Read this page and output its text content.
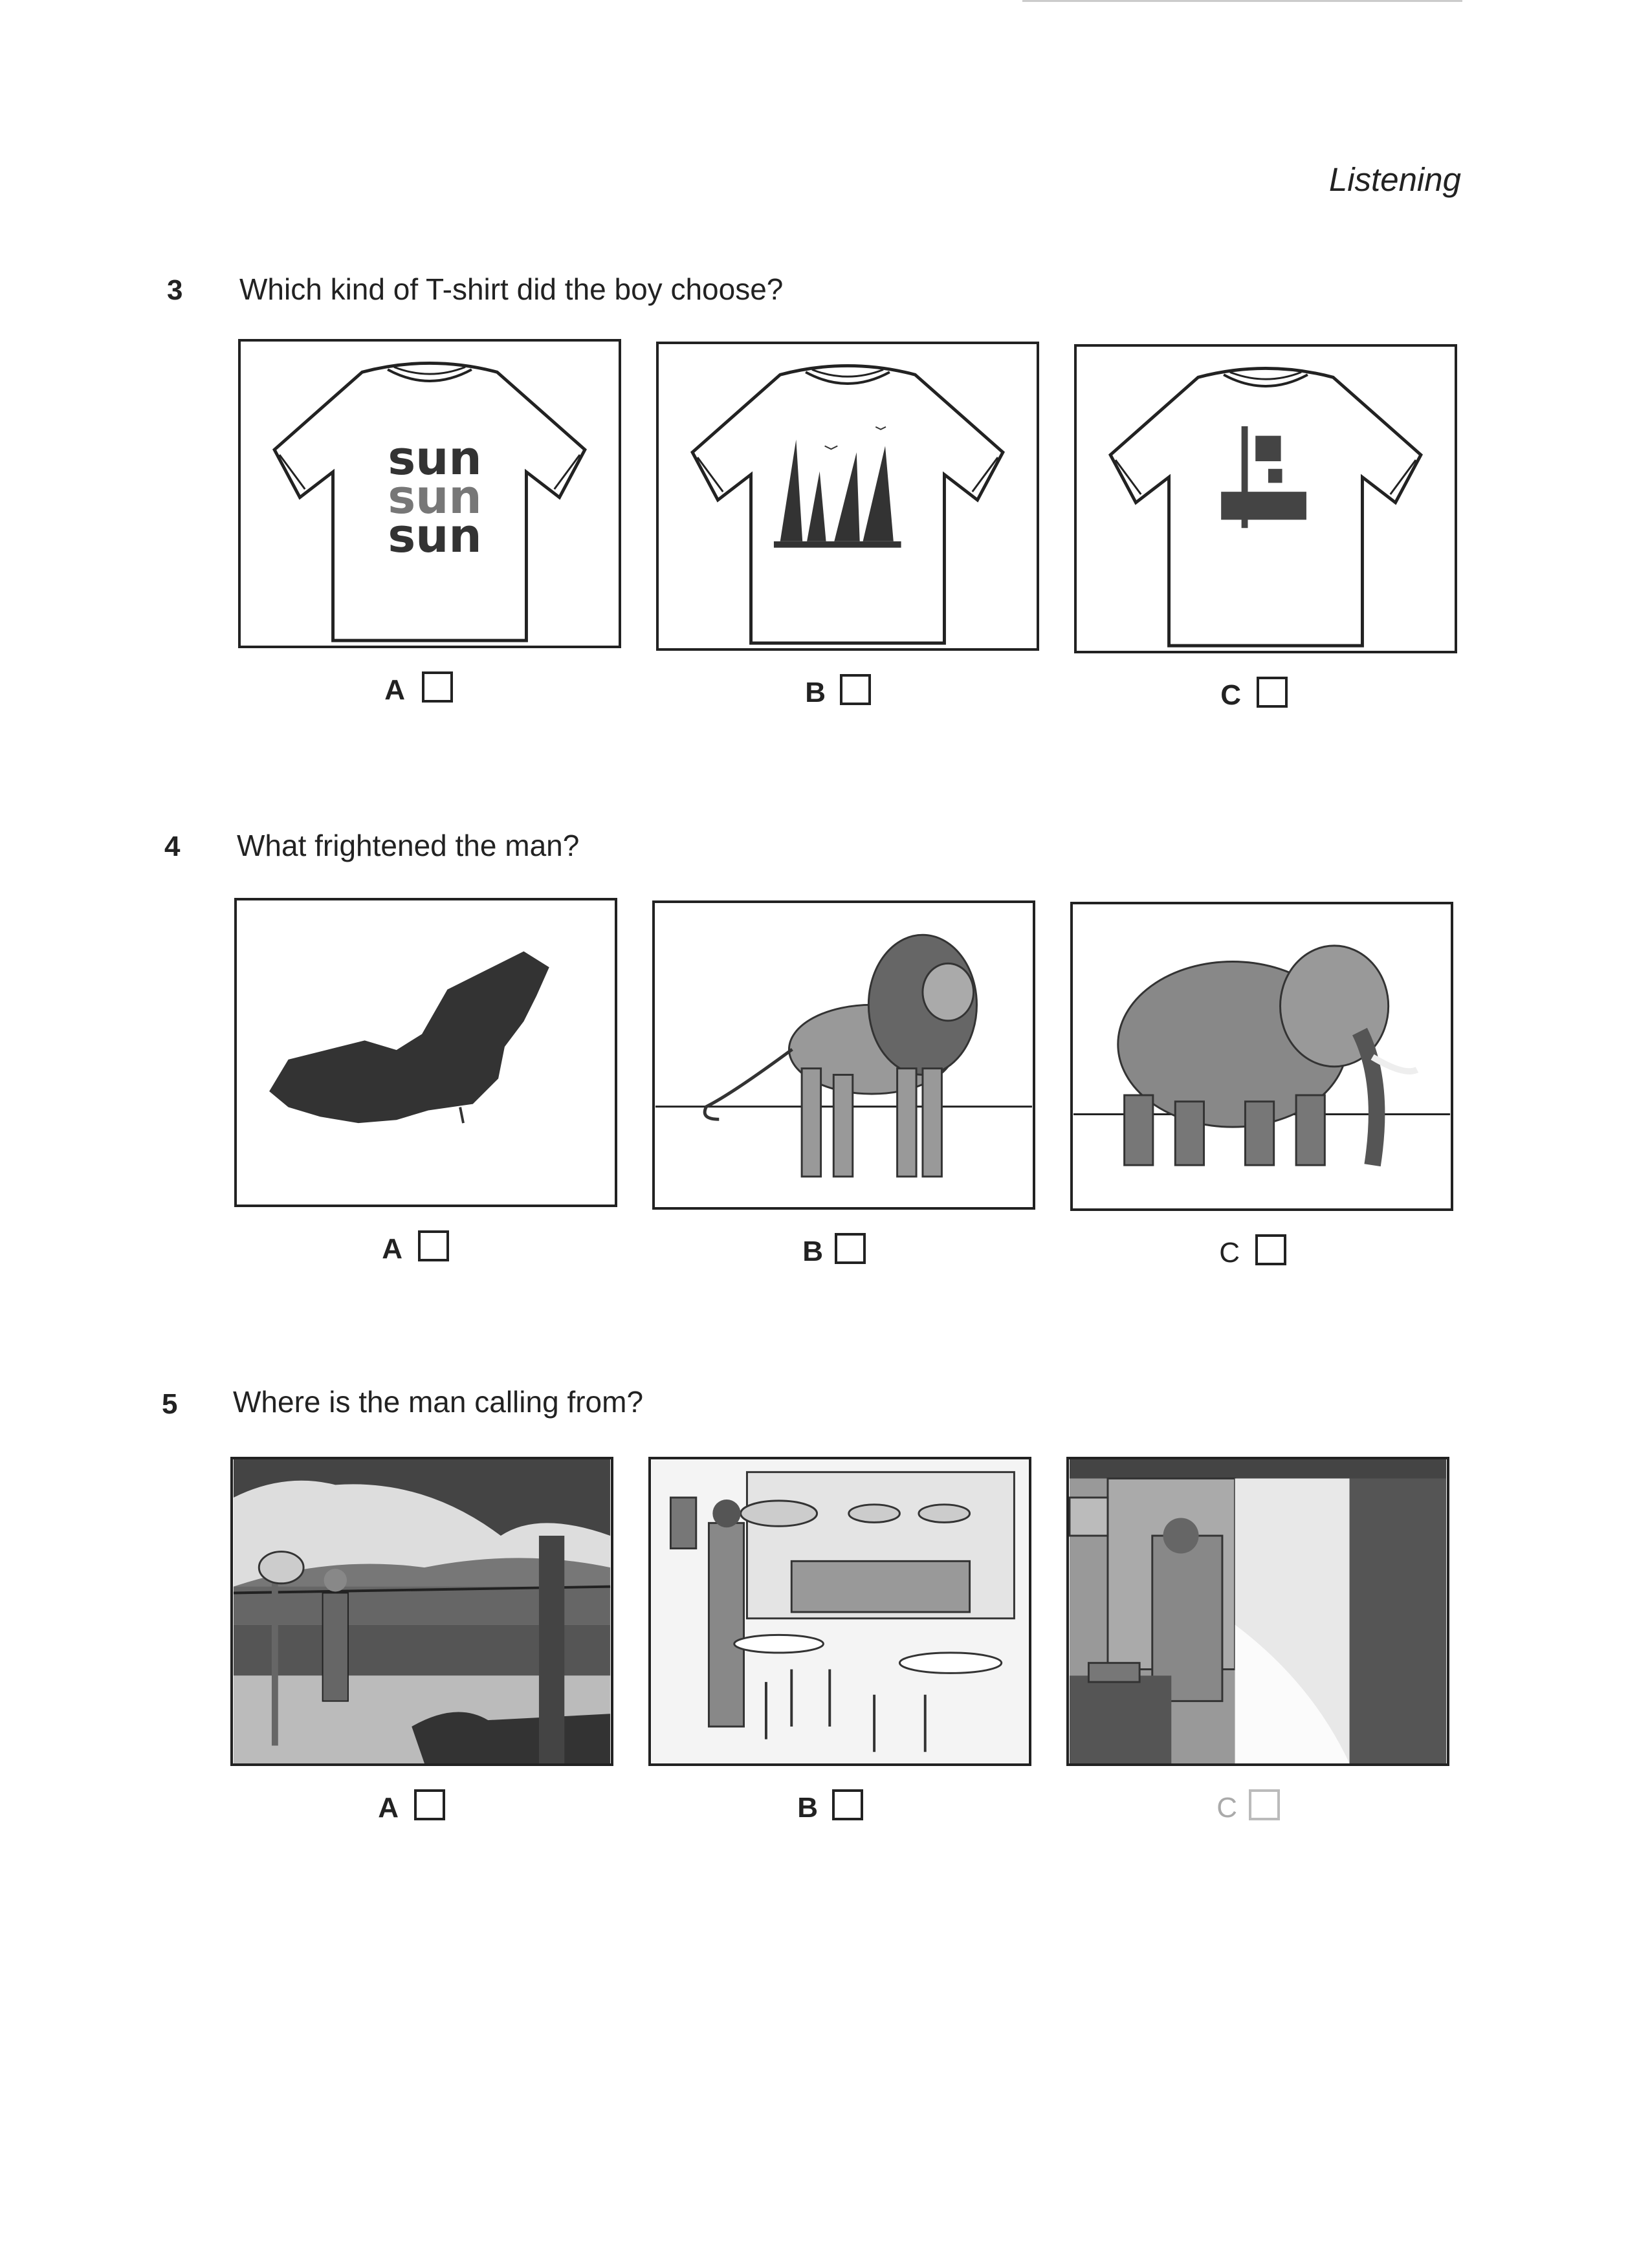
Listening
3 Which kind of T-shirt did the boy choose?
sun
sun
sun
A	B	C
4 What frightened the man?
A	B	C
5 Where is the man calling from?
A	B	C
